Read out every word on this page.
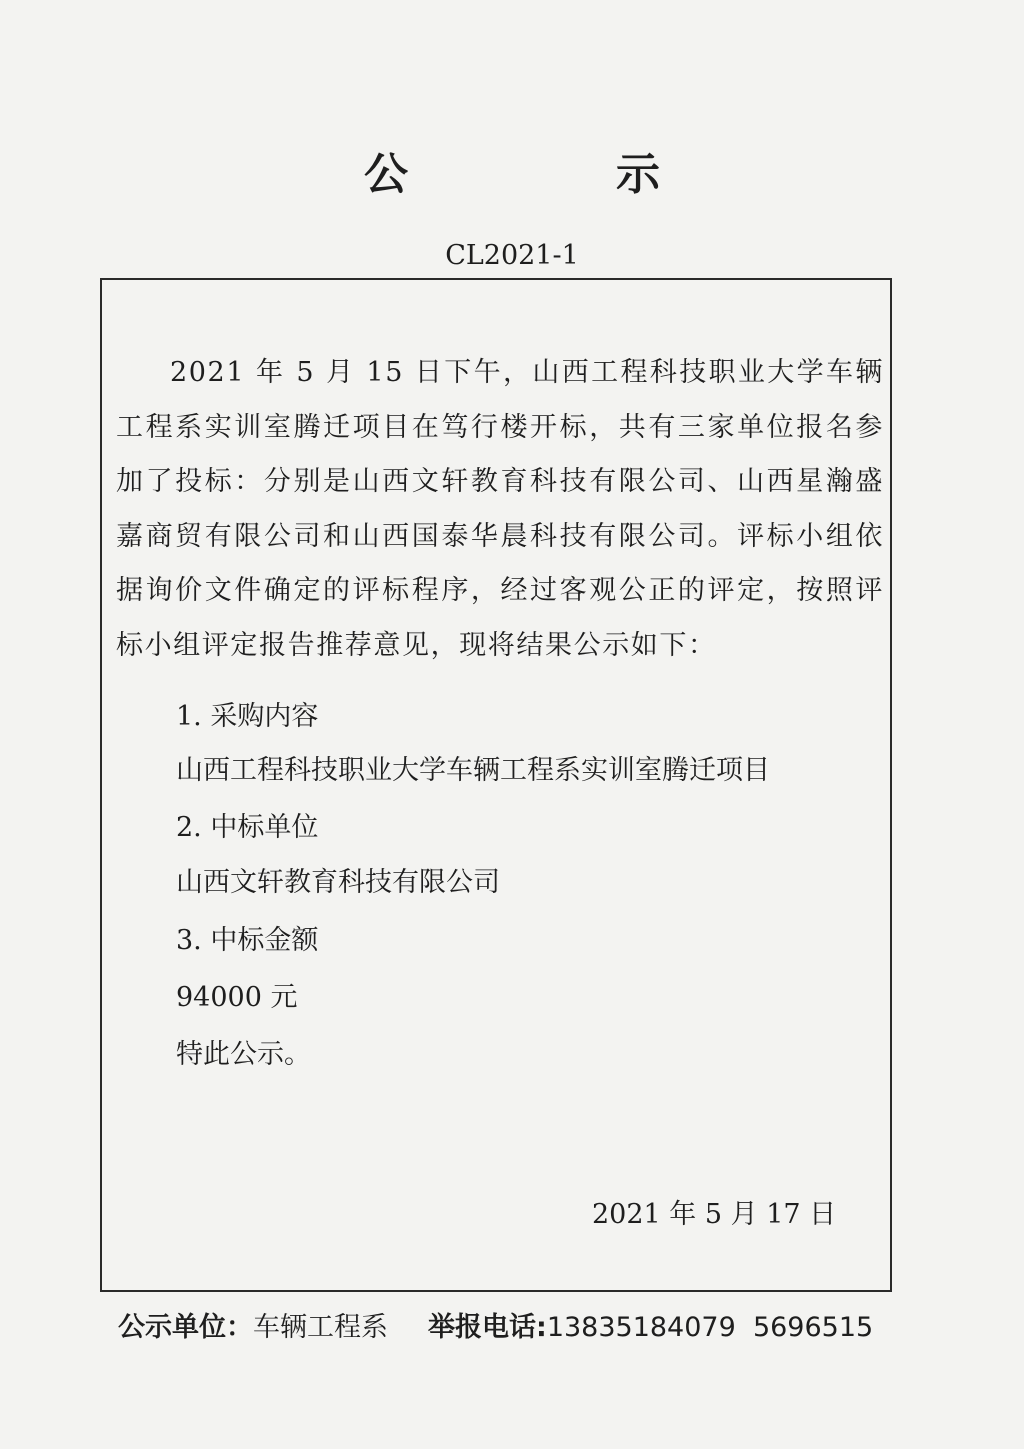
公　示
CL2021-1

2021 年 5 月 15 日下午，山西工程科技职业大学车辆工程系实训室腾迁项目在笃行楼开标，共有三家单位报名参加了投标：分别是山西文轩教育科技有限公司、山西星瀚盛嘉商贸有限公司和山西国泰华晨科技有限公司。评标小组依据询价文件确定的评标程序，经过客观公正的评定，按照评标小组评定报告推荐意见，现将结果公示如下：

1. 采购内容
山西工程科技职业大学车辆工程系实训室腾迁项目
2. 中标单位
山西文轩教育科技有限公司
3. 中标金额
94000 元
特此公示。
2021 年 5 月 17 日
公示单位：车辆工程系 举报电话:13835184079  5696515
